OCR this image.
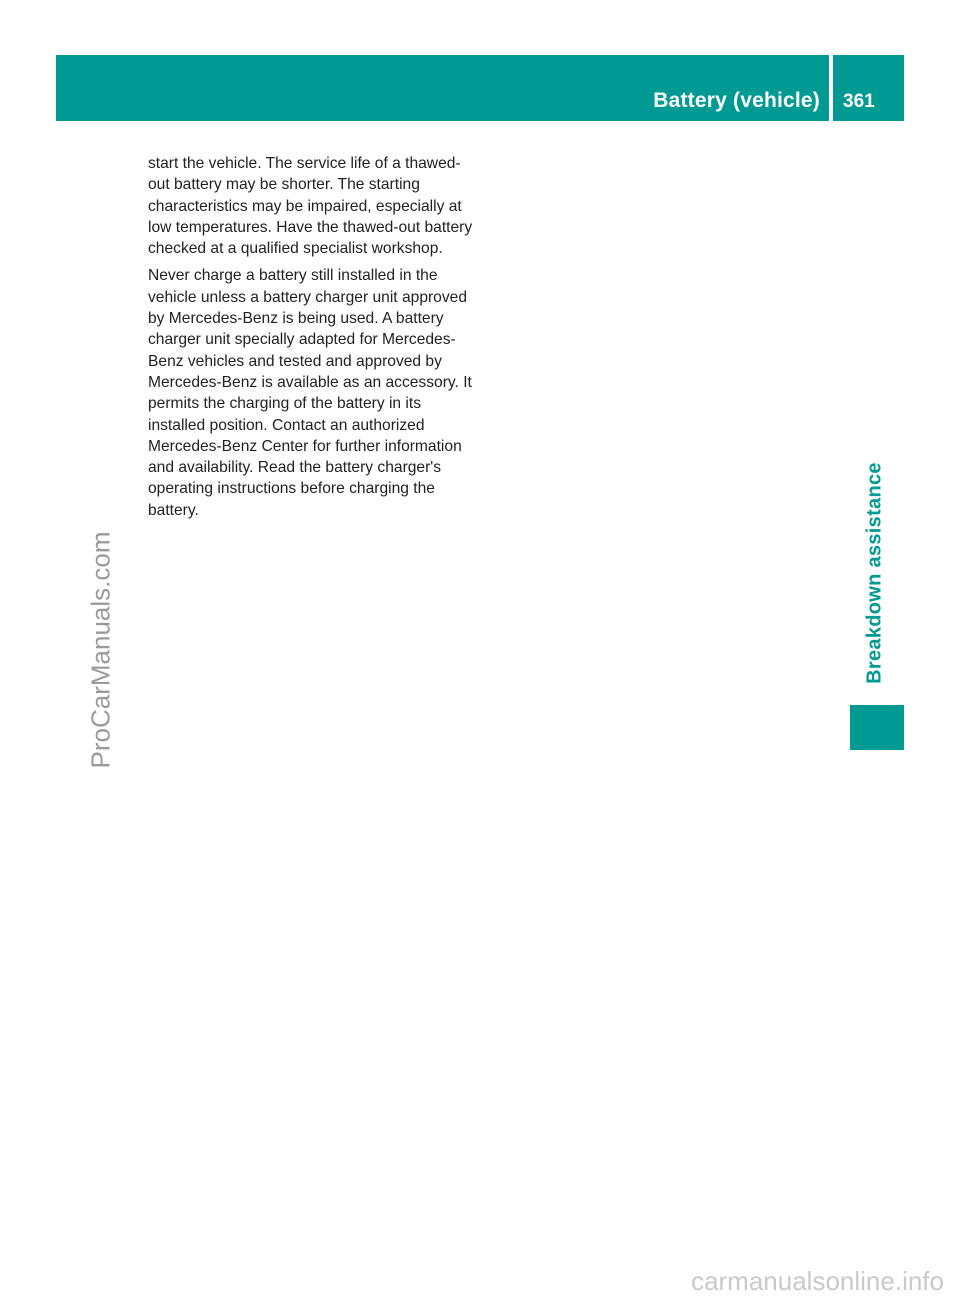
Battery (vehicle) 361

start the vehicle. The service life of a thawed-out battery may be shorter. The starting characteristics may be impaired, especially at low temperatures. Have the thawed-out battery checked at a qualified specialist workshop.

Never charge a battery still installed in the vehicle unless a battery charger unit approved by Mercedes-Benz is being used. A battery charger unit specially adapted for Mercedes-Benz vehicles and tested and approved by Mercedes-Benz is available as an accessory. It permits the charging of the battery in its installed position. Contact an authorized Mercedes-Benz Center for further information and availability. Read the battery charger's operating instructions before charging the battery.	Breakdown assistance
ProCarManuals.com
carmanualsonline.info
